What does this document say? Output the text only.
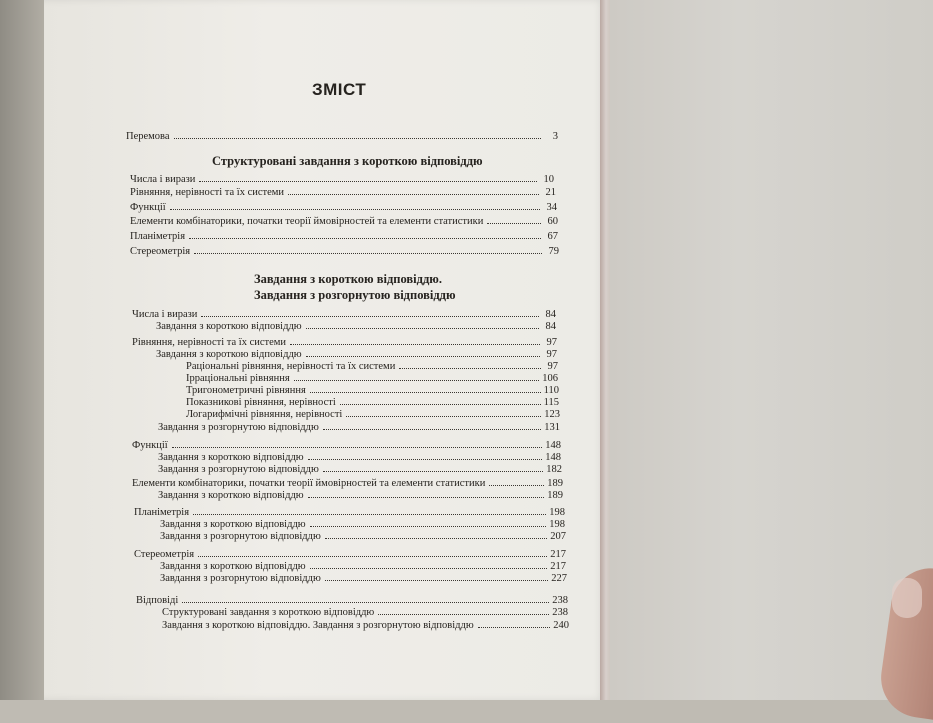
ЗМІСТ
Перемова	3
Структуровані завдання з короткою відповіддю
Числа і вирази	10
Рівняння, нерівності та їх системи	21
Функції	34
Елементи комбінаторики, початки теорії ймовірностей та елементи статистики	60
Планіметрія	67
Стереометрія	79
Завдання з короткою відповіддю.
Завдання з розгорнутою відповіддю
Числа і вирази	84
Завдання з короткою відповіддю	84
Рівняння, нерівності та їх системи	97
Завдання з короткою відповіддю	97
Раціональні рівняння, нерівності та їх системи	97
Ірраціональні рівняння	106
Тригонометричні рівняння	110
Показникові рівняння, нерівності	115
Логарифмічні рівняння, нерівності	123
Завдання з розгорнутою відповіддю	131
Функції	148
Завдання з короткою відповіддю	148
Завдання з розгорнутою відповіддю	182
Елементи комбінаторики, початки теорії ймовірностей та елементи статистики	189
Завдання з короткою відповіддю	189
Планіметрія	198
Завдання з короткою відповіддю	198
Завдання з розгорнутою відповіддю	207
Стереометрія	217
Завдання з короткою відповіддю	217
Завдання з розгорнутою відповіддю	227
Відповіді	238
Структуровані завдання з короткою відповіддю	238
Завдання з короткою відповіддю. Завдання з розгорнутою відповіддю	240
